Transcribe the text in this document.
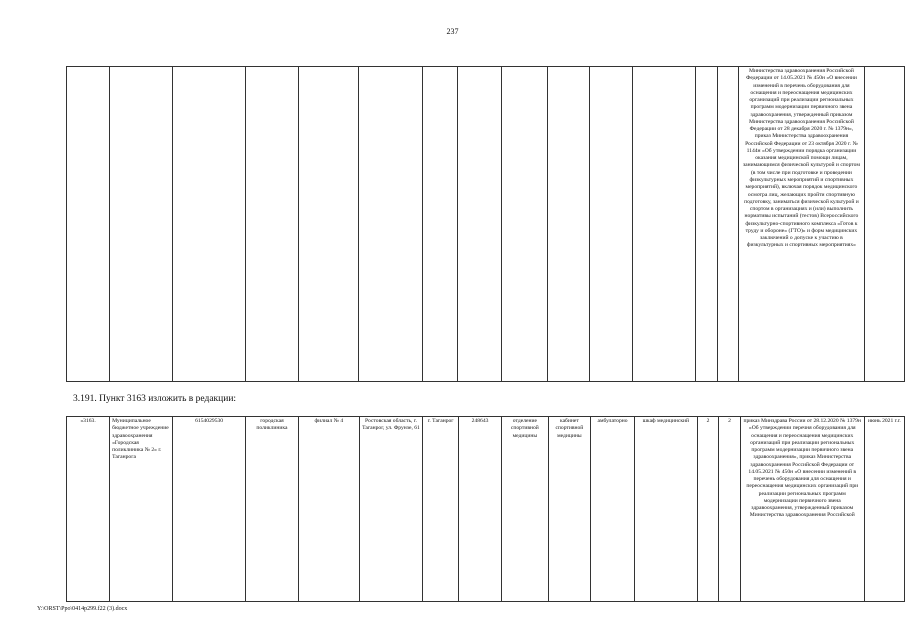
237
														Министерства здравоохранения Российской Федерации от 14.05.2021 № 450н «О внесении изменений в перечень оборудования для оснащения и переоснащения медицинских организаций при реализации региональных программ модернизации первичного звена здравоохранения, утвержденный приказом Министерства здравоохранения Российской Федерации от 28 декабря 2020 г. № 1379н», приказ Министерства здравоохранения Российской Федерации от 23 октября 2020 г. № 1144н «Об утверждении порядка организации оказания медицинской помощи лицам, занимающимся физической культурой и спортом (в том числе при подготовке и проведении физкультурных мероприятий и спортивных мероприятий), включая порядок медицинского осмотра лиц, желающих пройти спортивную подготовку, заниматься физической культурой и спортом в организациях и (или) выполнить нормативы испытаний (тестов) Всероссийского физкультурно-спортивного комплекса «Готов к труду и обороне» (ГТО)» и форм медицинских заключений о допуске к участию в физкультурных и спортивных мероприятиях»	
3.191. Пункт 3163 изложить в редакции:
«3163.	Муниципальное бюджетное учреждение здравоохранения «Городская поликлиника № 2» г. Таганрога	6154029530	городская поликлиника	филиал № 4	Ростовская область, г. Таганрог, ул. Фрунзе, 61	г. Таганрог	248643	отделение спортивной медицины	кабинет спортивной медицины	амбулаторно	шкаф медицинский	2	2	приказ Минздрава России от 28.12.2020 № 1379н «Об утверждении перечня оборудования для оснащения и переоснащения медицинских организаций при реализации региональных программ модернизации первичного звена здравоохранения», приказ Министерства здравоохранения Российской Федерации от 14.05.2021 № 450н «О внесении изменений в перечень оборудования для оснащения и переоснащения медицинских организаций при реализации региональных программ модернизации первичного звена здравоохранения, утвержденный приказом Министерства здравоохранения Российской	июнь 2021 г.г.
Y:\ORST\Ppo\0414p299.f22 (3).docx
